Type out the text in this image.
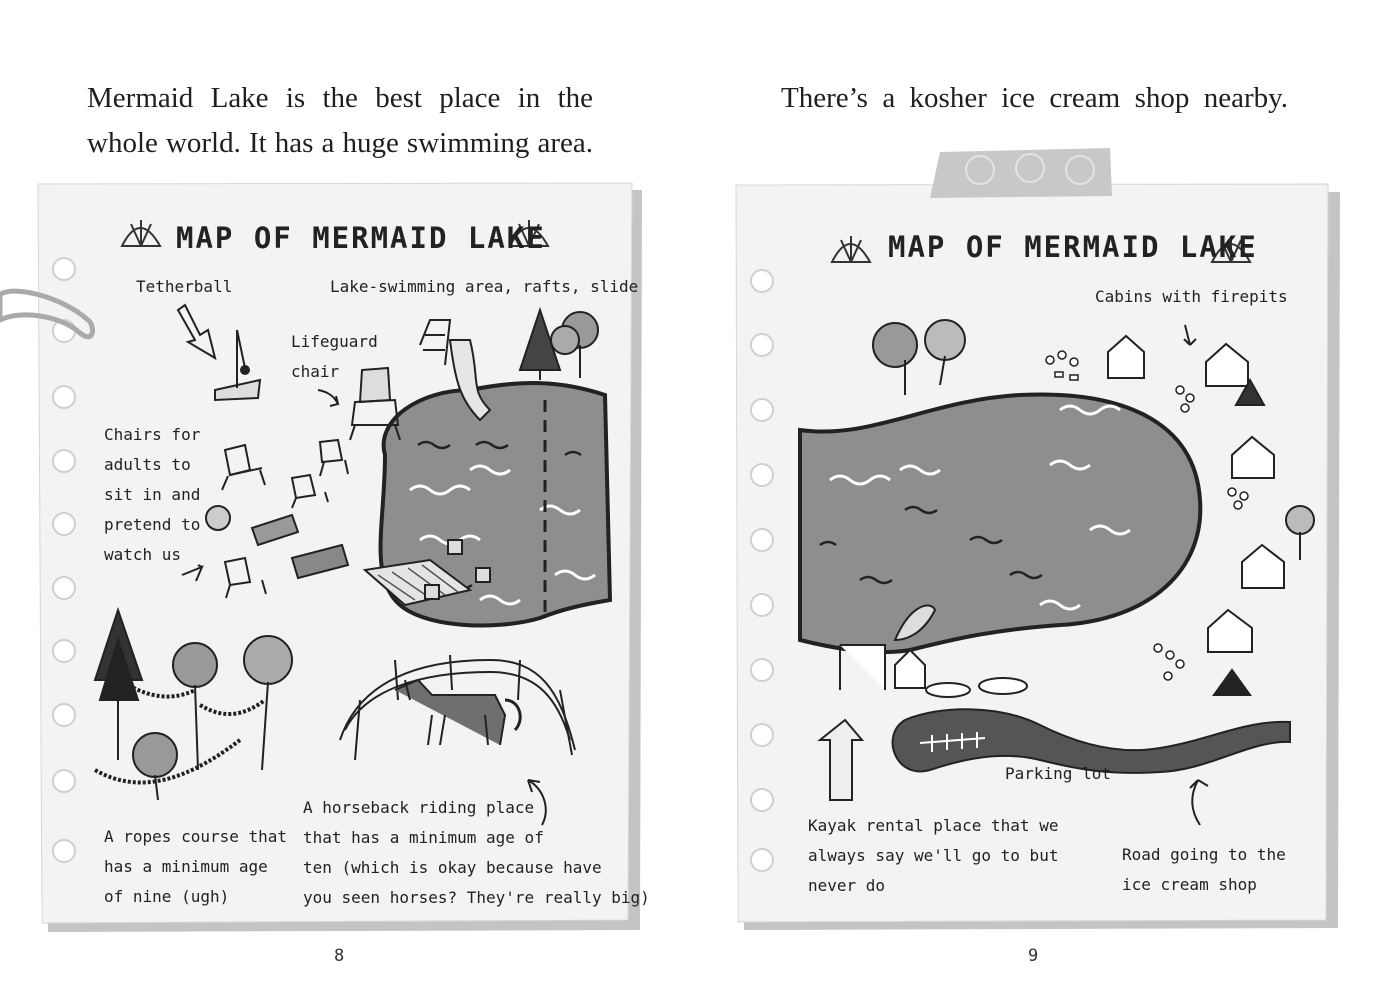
Mermaid Lake is the best place in the
whole world. It has a huge swimming area.
There’s a kosher ice cream shop nearby.
MAP OF MERMAID LAKE
Tetherball	Lake-swimming area, rafts, slide
Lifeguard
chair
Chairs for
adults to
sit in and
pretend to
watch us
A ropes course that
has a minimum age
of nine (ugh)
A horseback riding place
that has a minimum age of
ten (which is okay because have
you seen horses? They're really big)
MAP OF MERMAID LAKE
Cabins with firepits
Parking lot
Kayak rental place that we
always say we'll go to but
never do
Road going to the
ice cream shop
8	9
